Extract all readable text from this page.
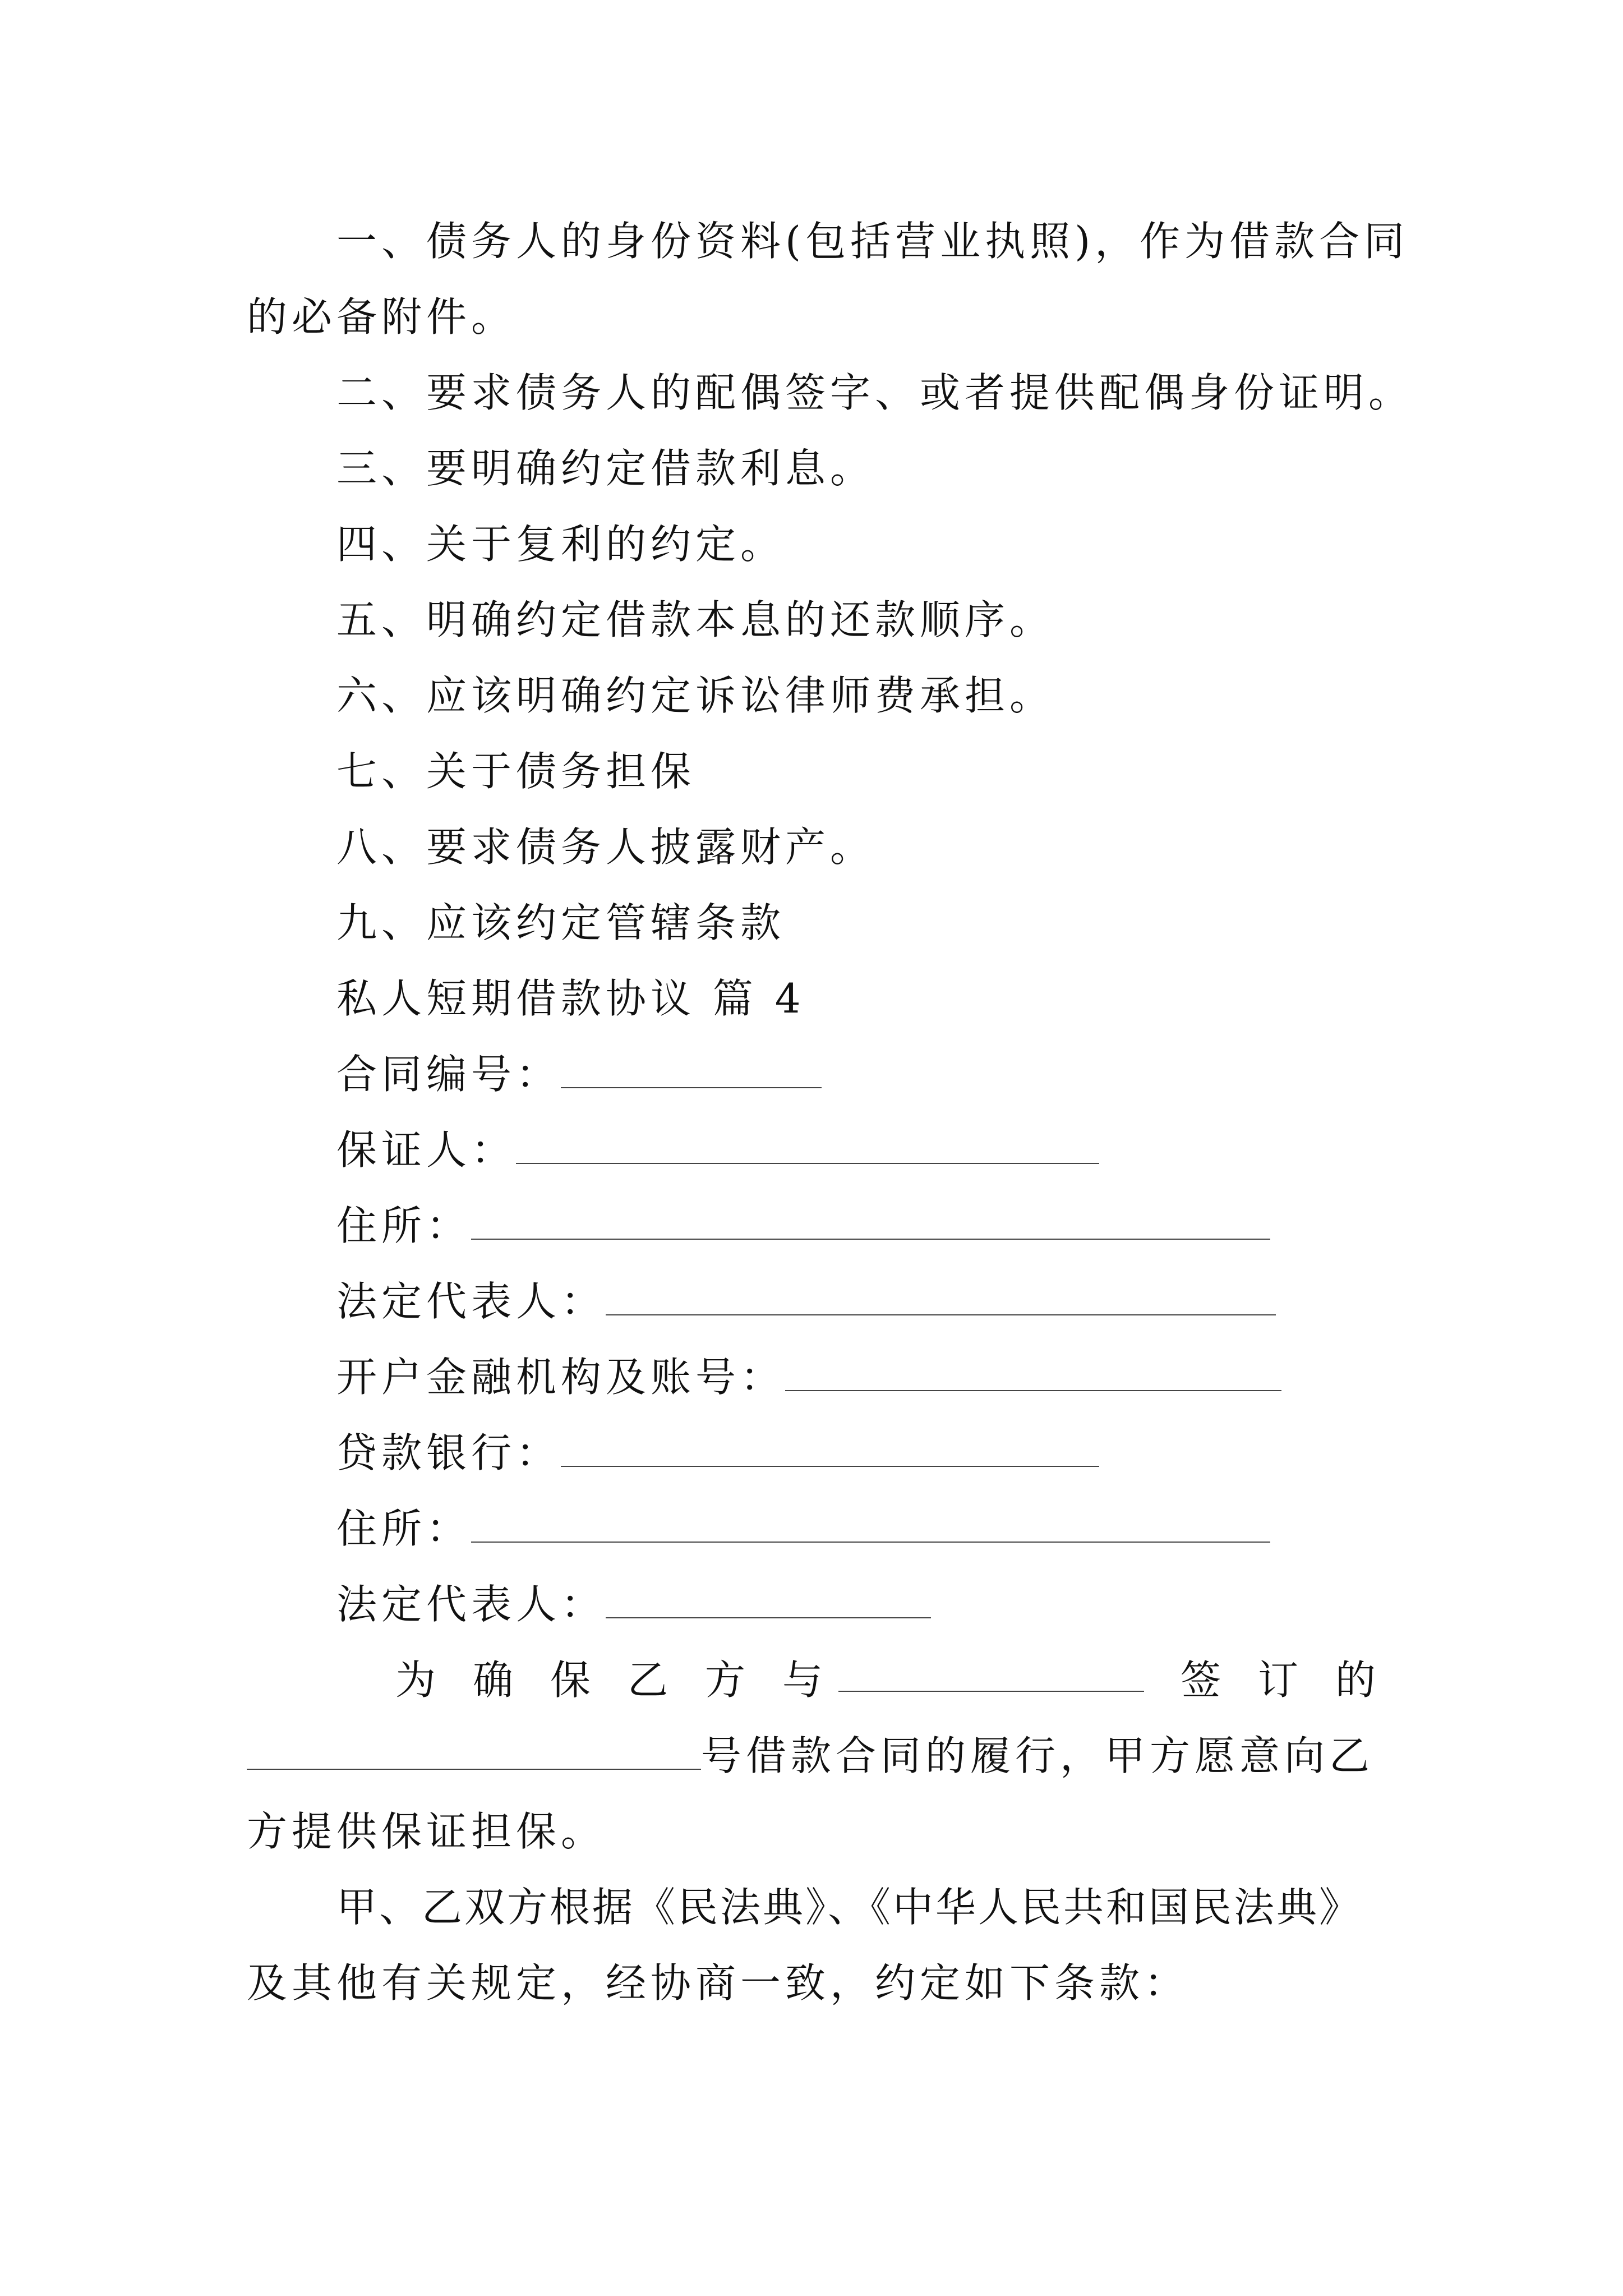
一、债务人的身份资料(包括营业执照)，作为借款合同
的必备附件。
二、要求债务人的配偶签字、或者提供配偶身份证明。
三、要明确约定借款利息。
四、关于复利的约定。
五、明确约定借款本息的还款顺序。
六、应该明确约定诉讼律师费承担。
七、关于债务担保
八、要求债务人披露财产。
九、应该约定管辖条款
私人短期借款协议 篇 4
合同编号：
保证人：
住所：
法定代表人：
开户金融机构及账号：
贷款银行：
住所：
法定代表人：
为 确 保 乙 方 与	签 订 的
号借款合同的履行，甲方愿意向乙
方提供保证担保。
甲、乙双方根据《民法典》、《中华人民共和国民法典》
及其他有关规定，经协商一致，约定如下条款：
